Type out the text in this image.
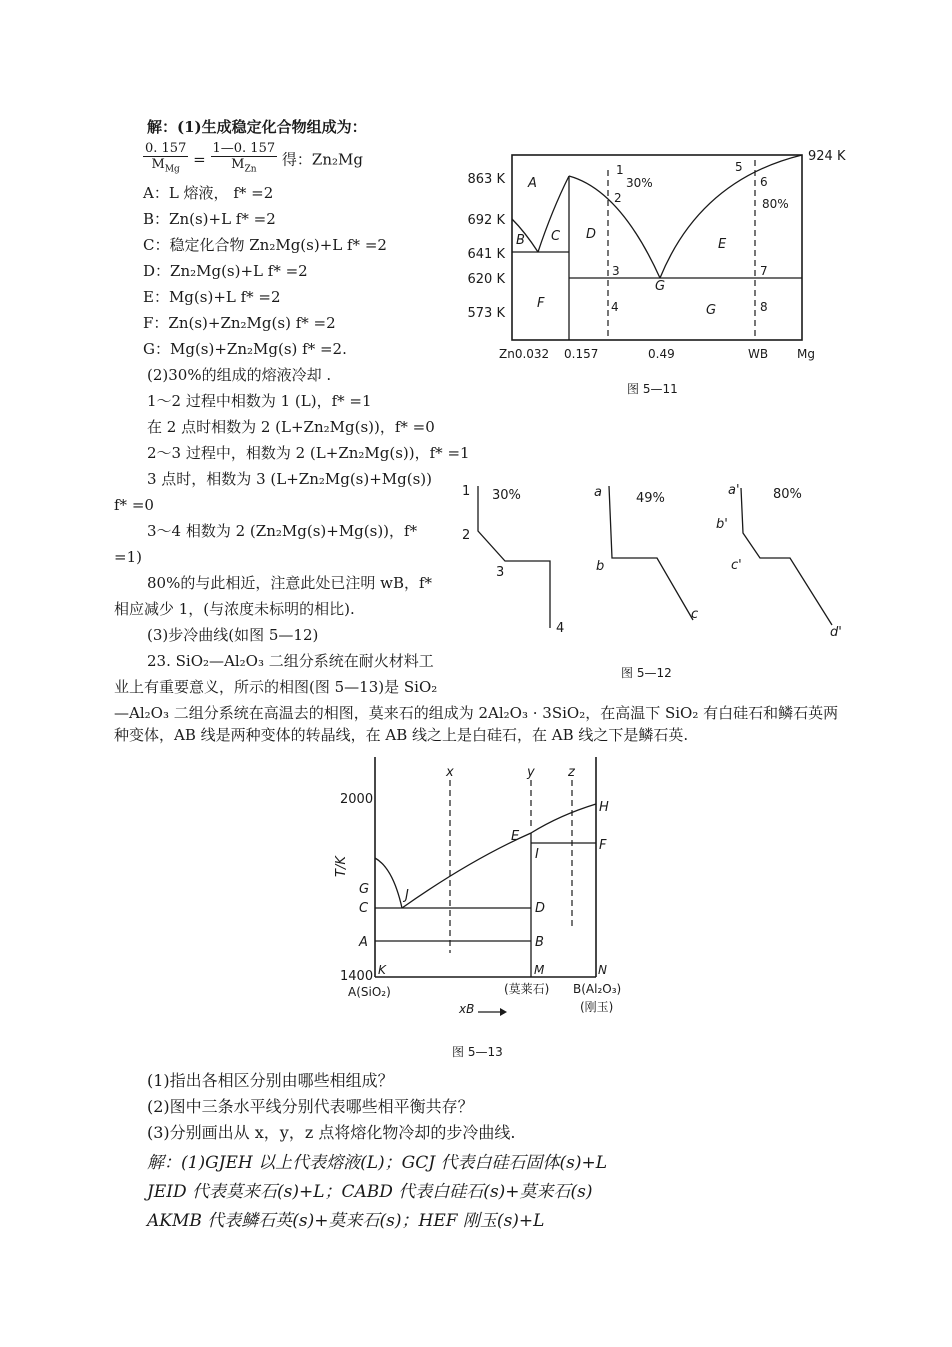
解：(1)生成稳定化合物组成为：
$\frac{0. 157}{M_{Mg}} = \frac{1—0. 157}{M_{Zn}}$ 得：Zn₂Mg
A：L 熔液， f* =2
B：Zn(s)+L f* =2
C：稳定化合物 Zn₂Mg(s)+L f* =2
D：Zn₂Mg(s)+L f* =2
E：Mg(s)+L f* =2
F：Zn(s)+Zn₂Mg(s) f* =2
G：Mg(s)+Zn₂Mg(s) f* =2.
(2)30%的组成的熔液冷却 .
1～2 过程中相数为 1 (L)，f* =1
在 2 点时相数为 2 (L+Zn₂Mg(s))，f* =0
2～3 过程中，相数为 2 (L+Zn₂Mg(s))，f* =1
3 点时，相数为 3 (L+Zn₂Mg(s)+Mg(s))
f* =0
3～4 相数为 2 (Zn₂Mg(s)+Mg(s))，f*
=1)
80%的与此相近，注意此处已注明 wB，f*
相应减少 1，(与浓度未标明的相比).
(3)步冷曲线(如图 5—12)
23. SiO₂—Al₂O₃ 二组分系统在耐火材料工
业上有重要意义，所示的相图(图 5—13)是 SiO₂
—Al₂O₃ 二组分系统在高温去的相图，莫来石的组成为 2Al₂O₃ · 3SiO₂，在高温下 SiO₂ 有白硅石和鳞石英两种变体，AB 线是两种变体的转晶线，在 AB 线之上是白硅石，在 AB 线之下是鳞石英.
863 K
692 K
641 K
620 K
573 K
924 K
Zn0.032 0.157	0.49	WB Mg
A
B C D
E
F
G
G
1
2
3
4
5
6
7
8
30%
80%
图 5—11
1
2
3
4
30%	a
b
c
49%
a'
b'
c'
d'
80%
图 5—12
2000
1400
T/K
G	J
C	D
A	B
K	M	N
E
I
F
H
x	y	z
A(SiO₂)	(莫莱石) B(Al₂O₃)
(刚玉)
xB
图 5—13
(1)指出各相区分别由哪些相组成？
(2)图中三条水平线分别代表哪些相平衡共存？
(3)分别画出从 x，y，z 点将熔化物冷却的步冷曲线.
解：(1)GJEH 以上代表熔液(L)；GCJ 代表白硅石固体(s)+L
JEID 代表莫来石(s)+L；CABD 代表白硅石(s)+莫来石(s)
AKMB 代表鳞石英(s)+莫来石(s)；HEF 刚玉(s)+L
